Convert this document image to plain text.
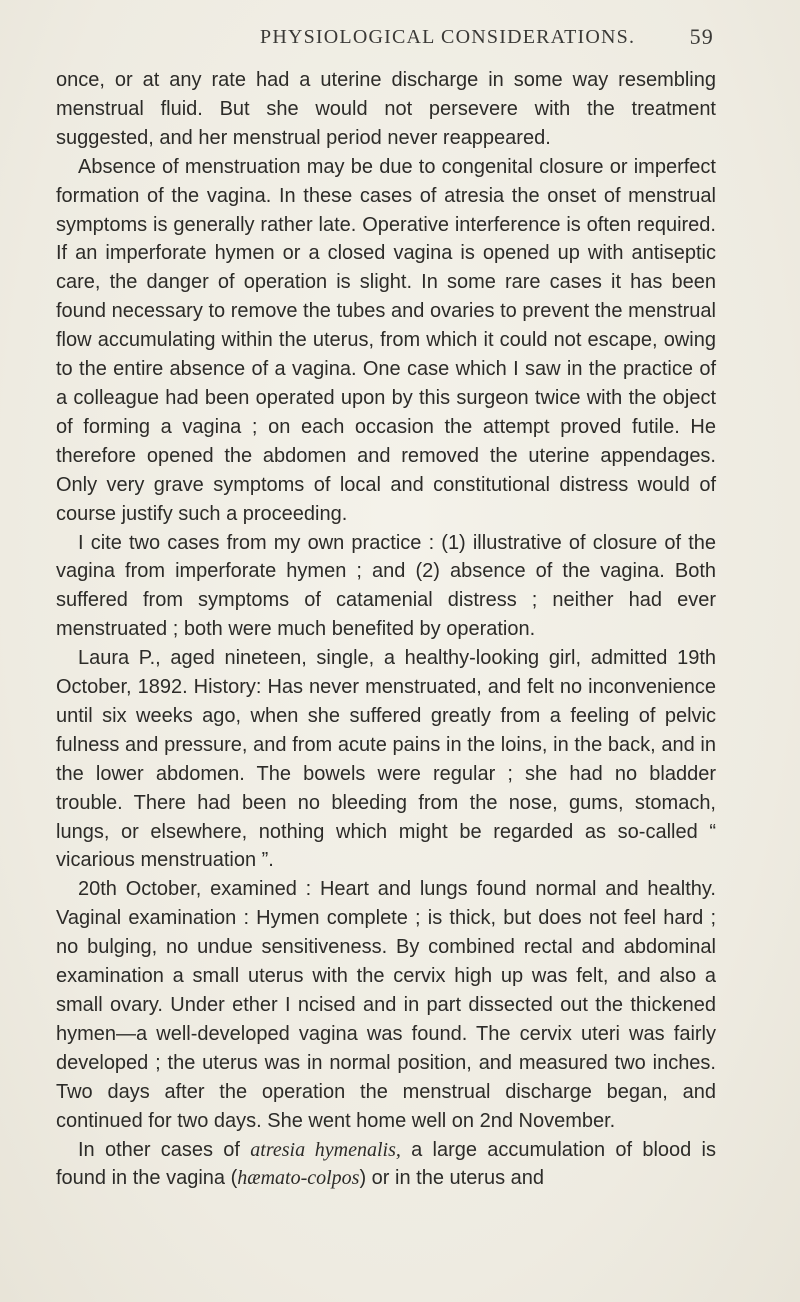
PHYSIOLOGICAL CONSIDERATIONS. 59

once, or at any rate had a uterine discharge in some way resembling menstrual fluid. But she would not persevere with the treatment suggested, and her menstrual period never reappeared.

Absence of menstruation may be due to congenital closure or imperfect formation of the vagina. In these cases of atresia the onset of menstrual symptoms is generally rather late. Operative interference is often required. If an imperforate hymen or a closed vagina is opened up with antiseptic care, the danger of operation is slight. In some rare cases it has been found necessary to remove the tubes and ovaries to prevent the menstrual flow accumulating within the uterus, from which it could not escape, owing to the entire absence of a vagina. One case which I saw in the practice of a colleague had been operated upon by this surgeon twice with the object of forming a vagina ; on each occasion the attempt proved futile. He therefore opened the abdomen and removed the uterine appendages. Only very grave symptoms of local and constitutional distress would of course justify such a proceeding.

I cite two cases from my own practice : (1) illustrative of closure of the vagina from imperforate hymen ; and (2) absence of the vagina. Both suffered from symptoms of catamenial distress ; neither had ever menstruated ; both were much benefited by operation.

Laura P., aged nineteen, single, a healthy-looking girl, admitted 19th October, 1892. History: Has never menstruated, and felt no inconvenience until six weeks ago, when she suffered greatly from a feeling of pelvic fulness and pressure, and from acute pains in the loins, in the back, and in the lower abdomen. The bowels were regular ; she had no bladder trouble. There had been no bleeding from the nose, gums, stomach, lungs, or elsewhere, nothing which might be regarded as so-called “ vicarious menstruation ”.

20th October, examined : Heart and lungs found normal and healthy. Vaginal examination : Hymen complete ; is thick, but does not feel hard ; no bulging, no undue sensitiveness. By combined rectal and abdominal examination a small uterus with the cervix high up was felt, and also a small ovary. Under ether I ncised and in part dissected out the thickened hymen—a well-developed vagina was found. The cervix uteri was fairly developed ; the uterus was in normal position, and measured two inches. Two days after the operation the menstrual discharge began, and continued for two days. She went home well on 2nd November.

In other cases of atresia hymenalis, a large accumulation of blood is found in the vagina (hæmato-colpos) or in the uterus and
